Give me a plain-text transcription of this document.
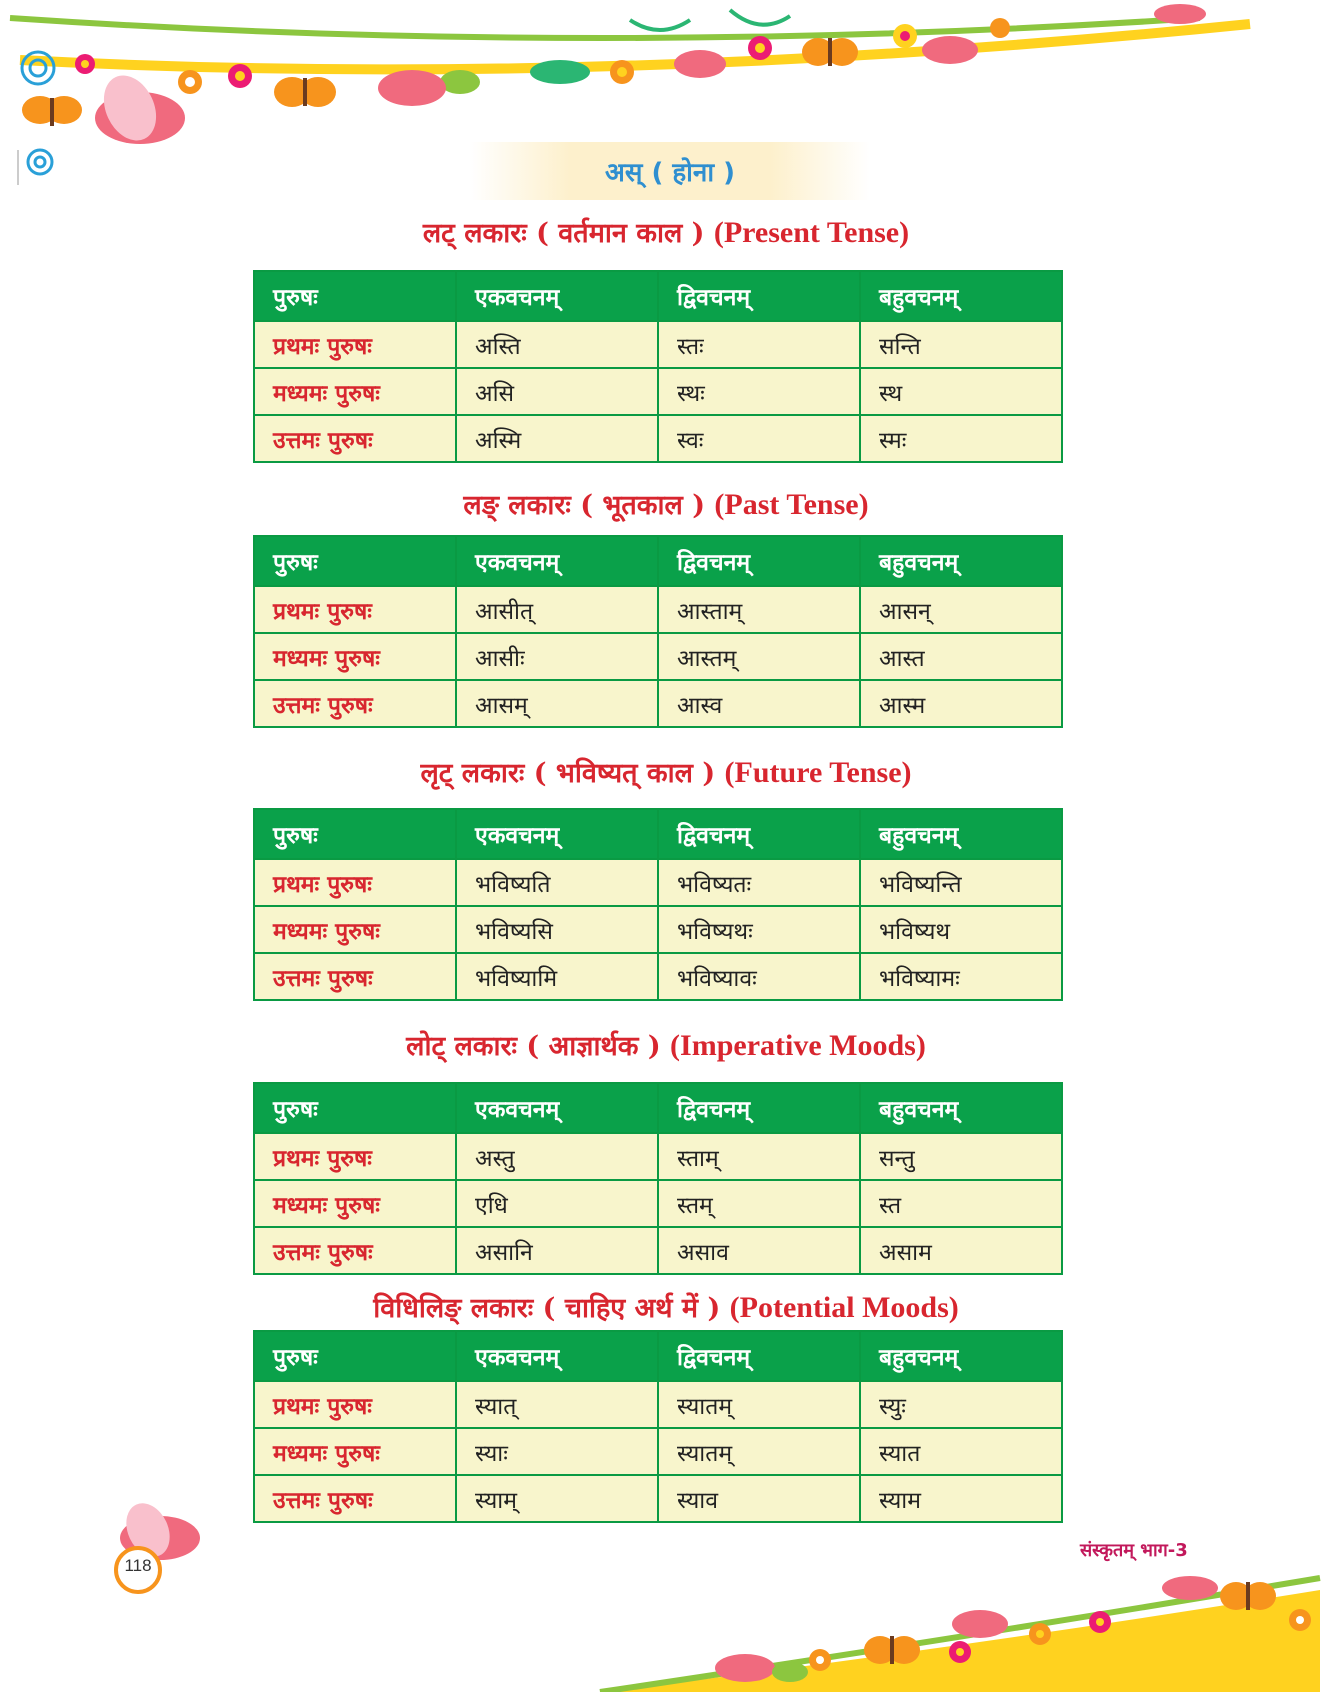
अस् ( होना )
लट् लकारः ( वर्तमान काल ) (Present Tense)
पुरुषः	एकवचनम्	द्विवचनम्	बहुवचनम्
प्रथमः पुरुषः	अस्ति	स्तः	सन्ति
मध्यमः पुरुषः	असि	स्थः	स्थ
उत्तमः पुरुषः	अस्मि	स्वः	स्मः
लङ् लकारः ( भूतकाल ) (Past Tense)
पुरुषः	एकवचनम्	द्विवचनम्	बहुवचनम्
प्रथमः पुरुषः	आसीत्	आस्ताम्	आसन्
मध्यमः पुरुषः	आसीः	आस्तम्	आस्त
उत्तमः पुरुषः	आसम्	आस्व	आस्म
लृट् लकारः ( भविष्यत् काल ) (Future Tense)
पुरुषः	एकवचनम्	द्विवचनम्	बहुवचनम्
प्रथमः पुरुषः	भविष्यति	भविष्यतः	भविष्यन्ति
मध्यमः पुरुषः	भविष्यसि	भविष्यथः	भविष्यथ
उत्तमः पुरुषः	भविष्यामि	भविष्यावः	भविष्यामः
लोट् लकारः ( आज्ञार्थक ) (Imperative Moods)
पुरुषः	एकवचनम्	द्विवचनम्	बहुवचनम्
प्रथमः पुरुषः	अस्तु	स्ताम्	सन्तु
मध्यमः पुरुषः	एधि	स्तम्	स्त
उत्तमः पुरुषः	असानि	असाव	असाम
विधिलिङ् लकारः ( चाहिए अर्थ में ) (Potential Moods)
पुरुषः	एकवचनम्	द्विवचनम्	बहुवचनम्
प्रथमः पुरुषः	स्यात्	स्यातम्	स्युः
मध्यमः पुरुषः	स्याः	स्यातम्	स्यात
उत्तमः पुरुषः	स्याम्	स्याव	स्याम
118
संस्कृतम् भाग-3
